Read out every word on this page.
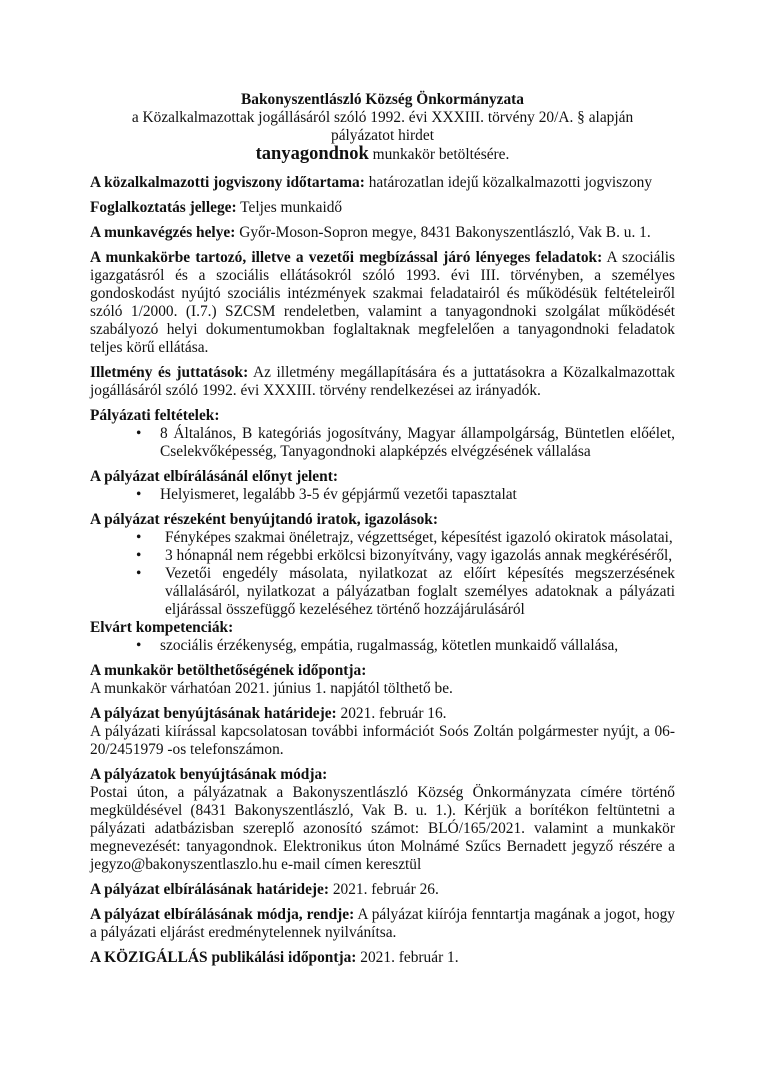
Bakonyszentlászló Község Önkormányzata
a Közalkalmazottak jogállásáról szóló 1992. évi XXXIII. törvény 20/A. § alapján
pályázatot hirdet
tanyagondnok munkakör betöltésére.

A közalkalmazotti jogviszony időtartama: határozatlan idejű közalkalmazotti jogviszony

Foglalkoztatás jellege: Teljes munkaidő

A munkavégzés helye: Győr-Moson-Sopron megye, 8431 Bakonyszentlászló, Vak B. u. 1.

A munkakörbe tartozó, illetve a vezetői megbízással járó lényeges feladatok: A szociális igazgatásról és a szociális ellátásokról szóló 1993. évi III. törvényben, a személyes gondoskodást nyújtó szociális intézmények szakmai feladatairól és működésük feltételeiről szóló 1/2000. (I.7.) SZCSM rendeletben, valamint a tanyagondnoki szolgálat működését szabályozó helyi dokumentumokban foglaltaknak megfelelően a tanyagondnoki feladatok teljes körű ellátása.

Illetmény és juttatások: Az illetmény megállapítására és a juttatásokra a Közalkalmazottak jogállásáról szóló 1992. évi XXXIII. törvény rendelkezései az irányadók.

Pályázati feltételek:

• 8 Általános, B kategóriás jogosítvány, Magyar állampolgárság, Büntetlen előélet, Cselekvőképesség, Tanyagondnoki alapképzés elvégzésének vállalása

A pályázat elbírálásánál előnyt jelent:

• Helyismeret, legalább 3-5 év gépjármű vezetői tapasztalat

A pályázat részeként benyújtandó iratok, igazolások:

• Fényképes szakmai önéletrajz, végzettséget, képesítést igazoló okiratok másolatai,
• 3 hónapnál nem régebbi erkölcsi bizonyítvány, vagy igazolás annak megkéréséről,
• Vezetői engedély másolata, nyilatkozat az előírt képesítés megszerzésének vállalásáról, nyilatkozat a pályázatban foglalt személyes adatoknak a pályázati eljárással összefüggő kezeléséhez történő hozzájárulásáról

Elvárt kompetenciák:

• szociális érzékenység, empátia, rugalmasság, kötetlen munkaidő vállalása,

A munkakör betölthetőségének időpontja:

A munkakör várhatóan 2021. június 1. napjától tölthető be.

A pályázat benyújtásának határideje: 2021. február 16.

A pályázati kiírással kapcsolatosan további információt Soós Zoltán polgármester nyújt, a 06-20/2451979 -os telefonszámon.

A pályázatok benyújtásának módja:

Postai úton, a pályázatnak a Bakonyszentlászló Község Önkormányzata címére történő megküldésével (8431 Bakonyszentlászló, Vak B. u. 1.). Kérjük a borítékon feltüntetni a pályázati adatbázisban szereplő azonosító számot: BLÓ/165/2021. valamint a munkakör megnevezését: tanyagondnok. Elektronikus úton Molnámé Szűcs Bernadett jegyző részére a jegyzo@bakonyszentlaszlo.hu e-mail címen keresztül

A pályázat elbírálásának határideje: 2021. február 26.

A pályázat elbírálásának módja, rendje: A pályázat kiírója fenntartja magának a jogot, hogy a pályázati eljárást eredménytelennek nyilvánítsa.

A KÖZIGÁLLÁS publikálási időpontja: 2021. február 1.
